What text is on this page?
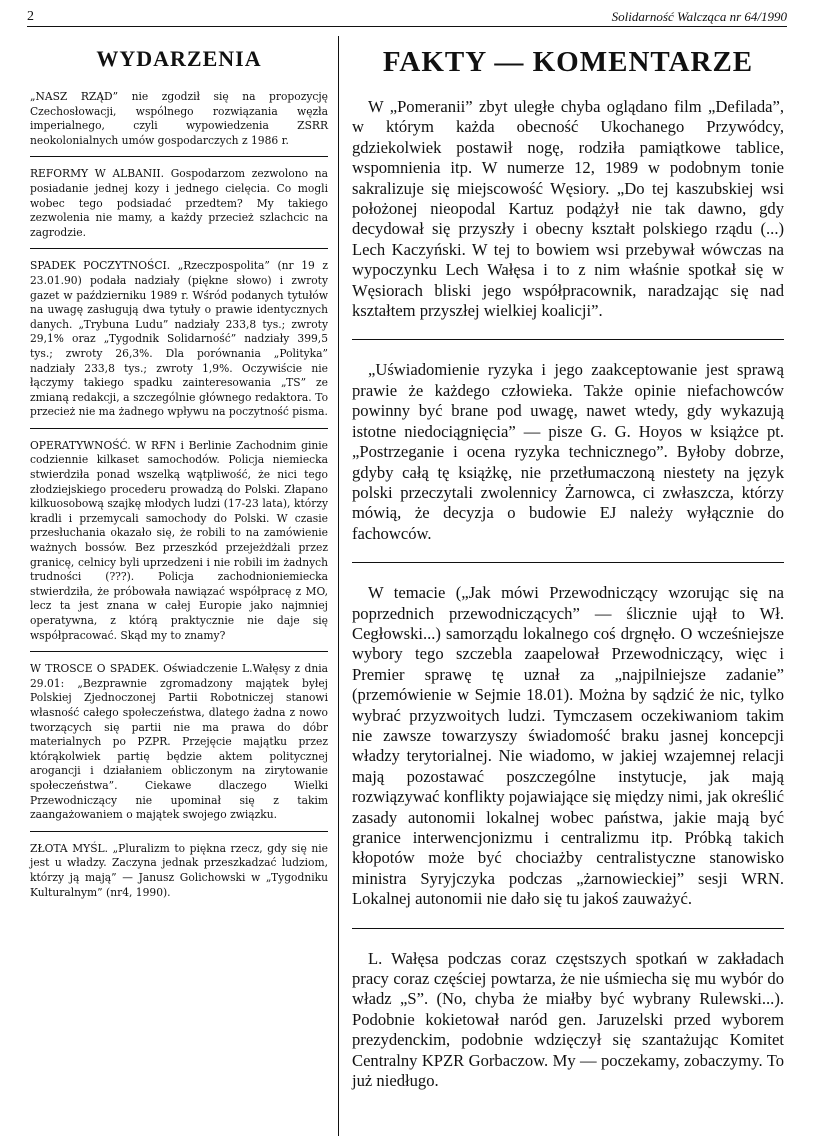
2	Solidarność Walcząca nr 64/1990
WYDARZENIA
„NASZ RZĄD” nie zgodził się na propozycję Czechosłowacji, wspólnego rozwiązania węzła imperialnego, czyli wypowiedzenia ZSRR neokolonialnych umów gospodarczych z 1986 r.
REFORMY W ALBANII. Gospodarzom zezwolono na posiadanie jednej kozy i jednego cielęcia. Co mogli wobec tego podsiadać przedtem? My takiego zezwolenia nie mamy, a każdy przecież szlachcic na zagrodzie.
SPADEK POCZYTNOŚCI. „Rzeczpospolita” (nr 19 z 23.01.90) podała nadziały (piękne słowo) i zwroty gazet w październiku 1989 r. Wśród podanych tytułów na uwagę zasługują dwa tytuły o prawie identycznych danych. „Trybuna Ludu” nadziały 233,8 tys.; zwroty 29,1% oraz „Tygodnik Solidarność” nadziały 399,5 tys.; zwroty 26,3%. Dla porównania „Polityka” nadziały 233,8 tys.; zwroty 1,9%. Oczywiście nie łączymy takiego spadku zainteresowania „TS” ze zmianą redakcji, a szczególnie głównego redaktora. To przecież nie ma żadnego wpływu na poczytność pisma.
OPERATYWNOŚĆ. W RFN i Berlinie Zachodnim ginie codziennie kilkaset samochodów. Policja niemiecka stwierdziła ponad wszelką wątpliwość, że nici tego złodziejskiego procederu prowadzą do Polski. Złapano kilkuosobową szajkę młodych ludzi (17-23 lata), którzy kradli i przemycali samochody do Polski. W czasie przesłuchania okazało się, że robili to na zamówienie ważnych bossów. Bez przeszkód przejeżdżali przez granicę, celnicy byli uprzedzeni i nie robili im żadnych trudności (???). Policja zachodnioniemiecka stwierdziła, że próbowała nawiązać współpracę z MO, lecz ta jest znana w całej Europie jako najmniej operatywna, z którą praktycznie nie daje się współpracować. Skąd my to znamy?
W TROSCE O SPADEK. Oświadczenie L.Wałęsy z dnia 29.01: „Bezprawnie zgromadzony majątek byłej Polskiej Zjednoczonej Partii Robotniczej stanowi własność całego społeczeństwa, dlatego żadna z nowo tworzących się partii nie ma prawa do dóbr materialnych po PZPR. Przejęcie majątku przez którąkolwiek partię będzie aktem politycznej arogancji i działaniem obliczonym na zirytowanie społeczeństwa”. Ciekawe dlaczego Wielki Przewodniczący nie upominał się z takim zaangażowaniem o majątek swojego związku.
ZŁOTA MYŚL. „Pluralizm to piękna rzecz, gdy się nie jest u władzy. Zaczyna jednak przeszkadzać ludziom, którzy ją mają” — Janusz Golichowski w „Tygodniku Kulturalnym” (nr4, 1990).
FAKTY — KOMENTARZE
W „Pomeranii” zbyt uległe chyba oglądano film „Defilada”, w którym każda obecność Ukochanego Przywódcy, gdziekolwiek postawił nogę, rodziła pamiątkowe tablice, wspomnienia itp. W numerze 12, 1989 w podobnym tonie sakralizuje się miejscowość Węsiory. „Do tej kaszubskiej wsi położonej nieopodal Kartuz podążył nie tak dawno, gdy decydował się przyszły i obecny kształt polskiego rządu (...) Lech Kaczyński. W tej to bowiem wsi przebywał wówczas na wypoczynku Lech Wałęsa i to z nim właśnie spotkał się w Węsiorach bliski jego współpracownik, naradzając się nad kształtem przyszłej wielkiej koalicji”.
„Uświadomienie ryzyka i jego zaakceptowanie jest sprawą prawie że każdego człowieka. Także opinie niefachowców powinny być brane pod uwagę, nawet wtedy, gdy wykazują istotne niedociągnięcia” — pisze G. G. Hoyos w książce pt. „Postrzeganie i ocena ryzyka technicznego”. Byłoby dobrze, gdyby całą tę książkę, nie przetłumaczoną niestety na język polski przeczytali zwolennicy Żarnowca, ci zwłaszcza, którzy mówią, że decyzja o budowie EJ należy wyłącznie do fachowców.
W temacie („Jak mówi Przewodniczący wzorując się na poprzednich przewodniczących” — ślicznie ujął to Wł. Cegłowski...) samorządu lokalnego coś drgnęło. O wcześniejsze wybory tego szczebla zaapelował Przewodniczący, więc i Premier sprawę tę uznał za „najpilniejsze zadanie” (przemówienie w Sejmie 18.01). Można by sądzić że nic, tylko wybrać przyzwoitych ludzi. Tymczasem oczekiwaniom takim nie zawsze towarzyszy świadomość braku jasnej koncepcji władzy terytorialnej. Nie wiadomo, w jakiej wzajemnej relacji mają pozostawać poszczególne instytucje, jak mają rozwiązywać konflikty pojawiające się między nimi, jak określić zasady autonomii lokalnej wobec państwa, jakie mają być granice interwencjonizmu i centralizmu itp. Próbką takich kłopotów może być chociażby centralistyczne stanowisko ministra Syryjczyka podczas „żarnowieckiej” sesji WRN. Lokalnej autonomii nie dało się tu jakoś zauważyć.
L. Wałęsa podczas coraz częstszych spotkań w zakładach pracy coraz częściej powtarza, że nie uśmiecha się mu wybór do władz „S”. (No, chyba że miałby być wybrany Rulewski...). Podobnie kokietował naród gen. Jaruzelski przed wyborem prezydenckim, podobnie wdzięczył się szantażując Komitet Centralny KPZR Gorbaczow. My — poczekamy, zobaczymy. To już niedługo.
